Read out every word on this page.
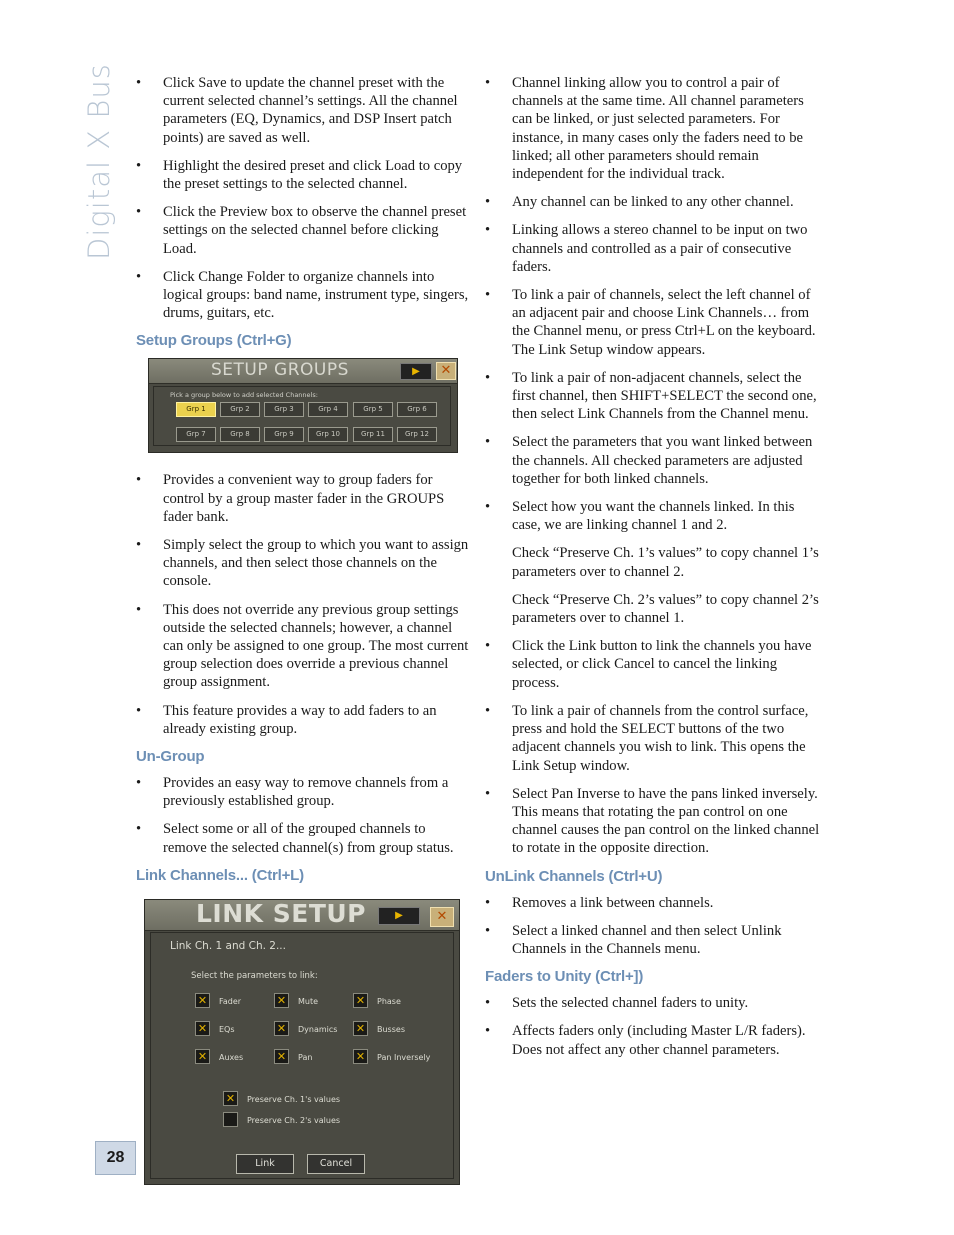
Digital X Bus
•	Click Save to update the channel preset with the current selected channel’s settings. All the channel parameters (EQ, Dynamics, and DSP Insert patch points) are saved as well.
• Highlight the desired preset and click Load to copy the preset settings to the selected channel.
• Click the Preview box to observe the channel preset settings on the selected channel before clicking Load.
• Click Change Folder to organize channels into logical groups: band name, instrument type, singers, drums, guitars, etc.
Setup Groups (Ctrl+G)
SETUP GROUPS	▶	✕
Pick a group below to add selected Channels:
Grp 1	Grp 2	Grp 3	Grp 4	Grp 5	Grp 6
Grp 7	Grp 8	Grp 9	Grp 10	Grp 11	Grp 12
• Provides a convenient way to group faders for control by a group master fader in the GROUPS fader bank.
• Simply select the group to which you want to assign channels, and then select those channels on the console.
• This does not override any previous group settings outside the selected channels; however, a channel can only be assigned to one group. The most current group selection does override a previous channel group assignment.
• This feature provides a way to add faders to an already existing group.
Un-Group
• Provides an easy way to remove channels from a previously established group.
• Select some or all of the grouped channels to remove the selected channel(s) from group status.
Link Channels... (Ctrl+L)
LINK SETUP	▶	✕
Link Ch. 1 and Ch. 2...
Select the parameters to link:
✕	Fader	✕	Mute	✕	Phase
✕	EQs	✕	Dynamics ✕	Busses
✕	Auxes	✕	Pan	✕	Pan Inversely
✕	Preserve Ch. 1's values
Preserve Ch. 2's values
Link	Cancel
• Channel linking allow you to control a pair of channels at the same time. All channel parameters can be linked, or just selected parameters. For instance, in many cases only the faders need to be linked; all other parameters should remain independent for the individual track.
• Any channel can be linked to any other channel.
• Linking allows a stereo channel to be input on two channels and controlled as a pair of consecutive faders.
• To link a pair of channels, select the left channel of an adjacent pair and choose Link Channels… from the Channel menu, or press Ctrl+L on the keyboard. The Link Setup window appears.
• To link a pair of non-adjacent channels, select the first channel, then SHIFT+SELECT the second one, then select Link Channels from the Channel menu.
• Select the parameters that you want linked between the channels. All checked parameters are adjusted together for both linked channels.
• Select how you want the channels linked. In this case, we are linking channel 1 and 2.
Check “Preserve Ch. 1’s values” to copy channel 1’s parameters over to channel 2.
Check “Preserve Ch. 2’s values” to copy channel 2’s parameters over to channel 1.
• Click the Link button to link the channels you have selected, or click Cancel to cancel the linking process.
• To link a pair of channels from the control surface, press and hold the SELECT buttons of the two adjacent channels you wish to link. This opens the Link Setup window.
• Select Pan Inverse to have the pans linked inversely. This means that rotating the pan control on one channel causes the pan control on the linked channel to rotate in the opposite direction.
UnLink Channels (Ctrl+U)
• Removes a link between channels.
• Select a linked channel and then select Unlink Channels in the Channels menu.
Faders to Unity (Ctrl+])
• Sets the selected channel faders to unity.
• Affects faders only (including Master L/R faders). Does not affect any other channel parameters.
28
